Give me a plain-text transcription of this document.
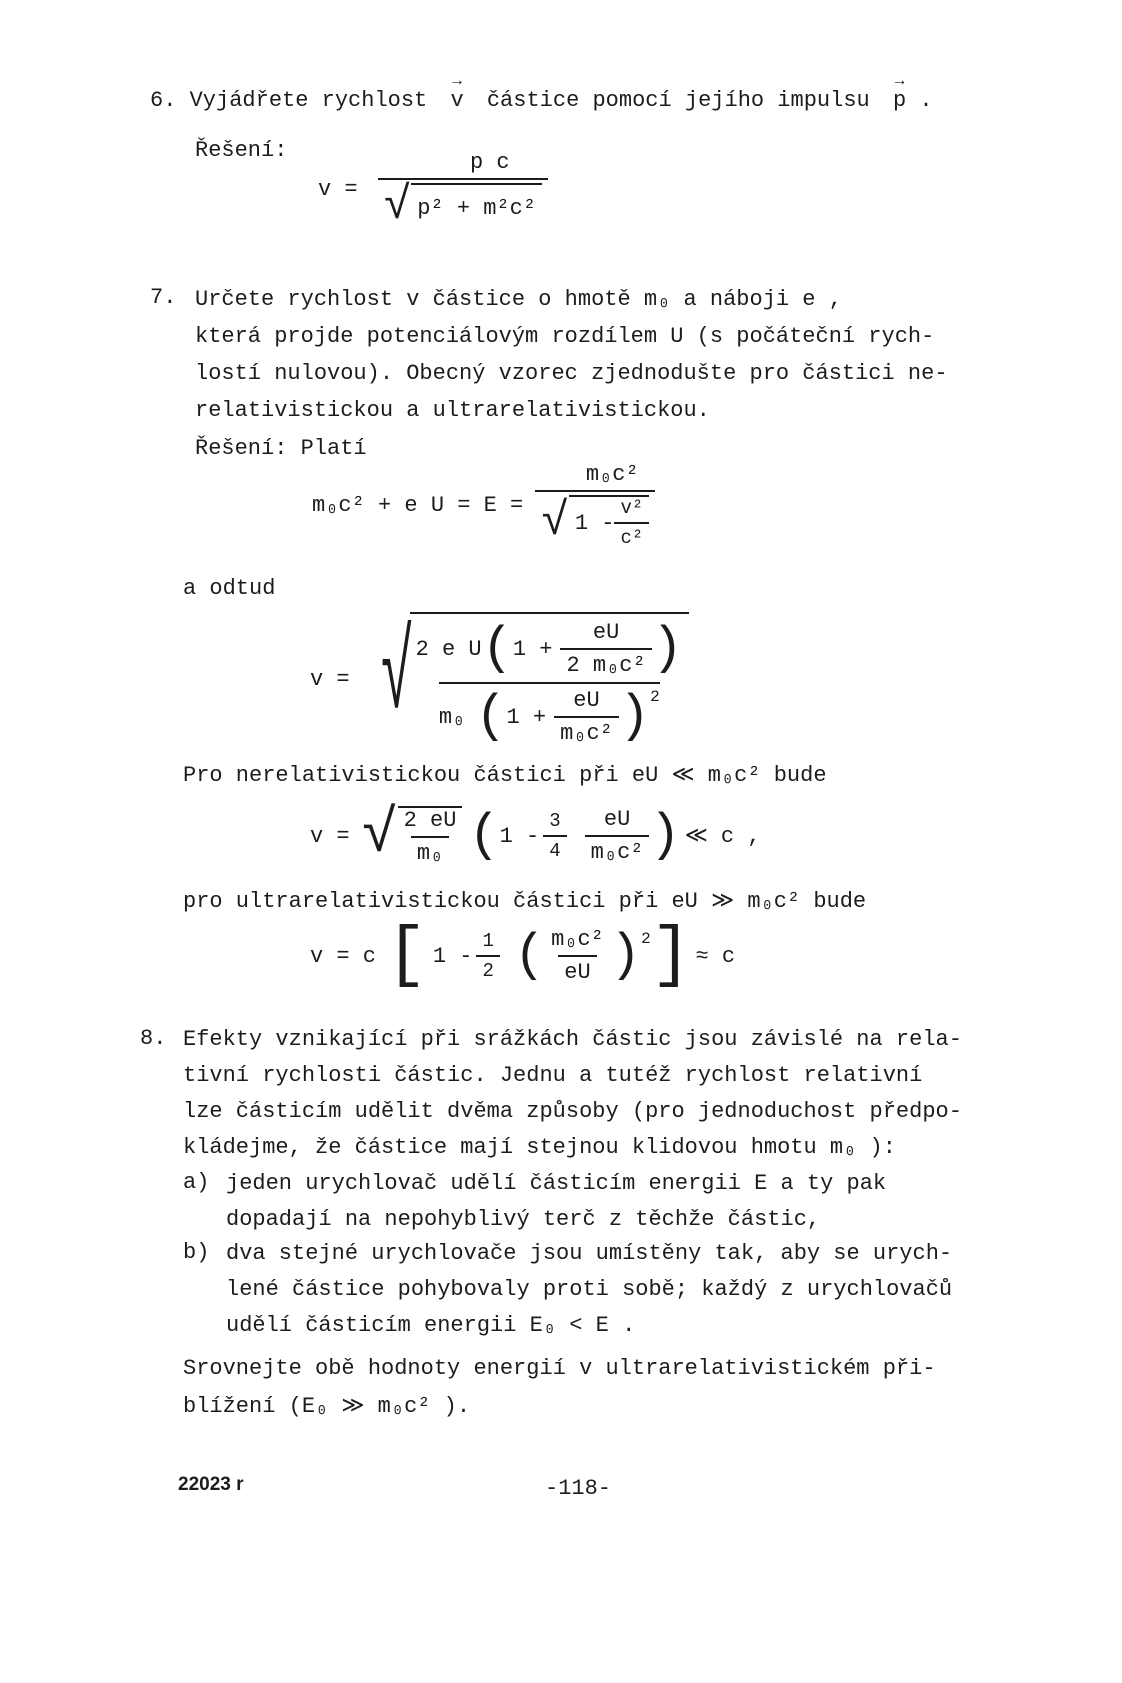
6. Vyjádřete rychlost → v částice pomocí jejího impulsu → p .
Řešení:
$v = \frac{\text{p c}}{\text{√ p² + m²c²}}$
7. Určete rychlost v částice o hmotě m₀ a náboji e ,
která projde potenciálovým rozdílem U (s počáteční rych-
lostí nulovou). Obecný vzorec zjednodušte pro částici ne-
relativistickou a ultrarelativistickou.
Řešení: Platí
m₀c² + e $U = E = \frac{\text{m₀c²}}{√ 1 - \frac{\text{v²}}{\text{c²}}}$
a odtud
v = √ 2 e U ( $1 + \frac{eU}{\text{2 m₀c²}}$ )
m₀ ( $1 + \frac{eU}{\text{m₀c²}} )^2$
Pro nerelativistickou částici při eU ≪ m₀c² bude
v = √ $\frac{2 eU}{\text{m₀}}$ ( $1 - \frac{3}{4} \frac{eU}{\text{m₀c²}}$ ) ≪ c ,
pro ultrarelativistickou částici při eU ≫ m₀c² bude
v = c [ $1 - \frac{1}{2}$ ( $\frac{\text{m₀c²}}{eU} )^2$ ] ≈ c
8. Efekty vznikající při srážkách částic jsou závislé na rela-
tivní rychlosti částic. Jednu a tutéž rychlost relativní
lze částicím udělit dvěma způsoby (pro jednoduchost předpo-
kládejme, že částice mají stejnou klidovou hmotu m₀ ):
a) jeden urychlovač udělí částicím energii E a ty pak
dopadají na nepohyblivý terč z těchže částic,
b) dva stejné urychlovače jsou umístěny tak, aby se urych-
lené částice pohybovaly proti sobě; každý z urychlovačů
udělí částicím energii E₀ < E .
Srovnejte obě hodnoty energií v ultrarelativistickém při-
blížení (E₀ ≫ m₀c² ).
22023 r	-118-
